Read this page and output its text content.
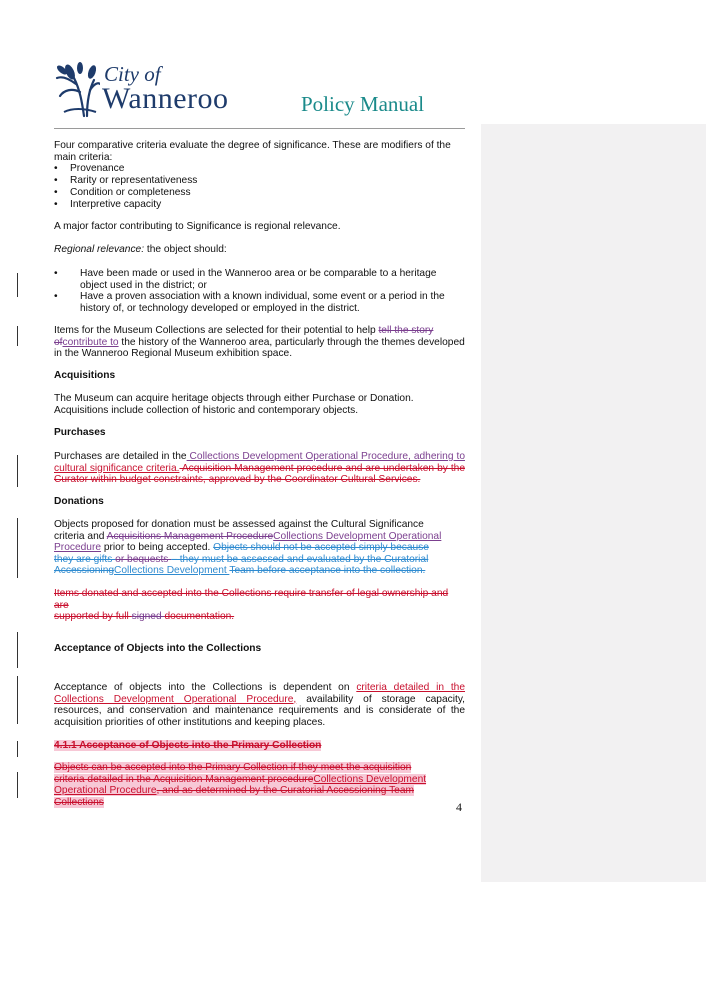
City of
Wanneroo	Policy Manual
Four comparative criteria evaluate the degree of significance. These are modifiers of the main criteria:
• Provenance
• Rarity or representativeness
• Condition or completeness
• Interpretive capacity
A major factor contributing to Significance is regional relevance.
Regional relevance: the object should:
• Have been made or used in the Wanneroo area or be comparable to a heritage object used in the district; or
• Have a proven association with a known individual, some event or a period in the history of, or technology developed or employed in the district.
Items for the Museum Collections are selected for their potential to help tell the story ofcontribute to the history of the Wanneroo area, particularly through the themes developed in the Wanneroo Regional Museum exhibition space.
Acquisitions
The Museum can acquire heritage objects through either Purchase or Donation. Acquisitions include collection of historic and contemporary objects.
Purchases
Purchases are detailed in the Collections Development Operational Procedure, adhering to cultural significance criteria. Acquisition Management procedure and are undertaken by the Curator within budget constraints, approved by the Coordinator Cultural Services.
Donations
Objects proposed for donation must be assessed against the Cultural Significance criteria and Acquisitions Management ProcedureCollections Development Operational Procedure prior to being accepted. Objects should not be accepted simply because they are gifts or bequests – they must be assessed and evaluated by the Curatorial AccessioningCollections Development Team before acceptance into the collection.
Items donated and accepted into the Collections require transfer of legal ownership and are
supported by full signed documentation.
Acceptance of Objects into the Collections
Acceptance of objects into the Collections is dependent on criteria detailed in the Collections Development Operational Procedure, availability of storage capacity, resources, and conservation and maintenance requirements and is considerate of the acquisition priorities of other institutions and keeping places.
4.1.1 Acceptance of Objects into the Primary Collection
Objects can be accepted into the Primary Collection if they meet the acquisition criteria detailed in the Acquisition Management procedureCollections Development Operational Procedure, and as determined by the Curatorial Accessioning Team Collections	4
